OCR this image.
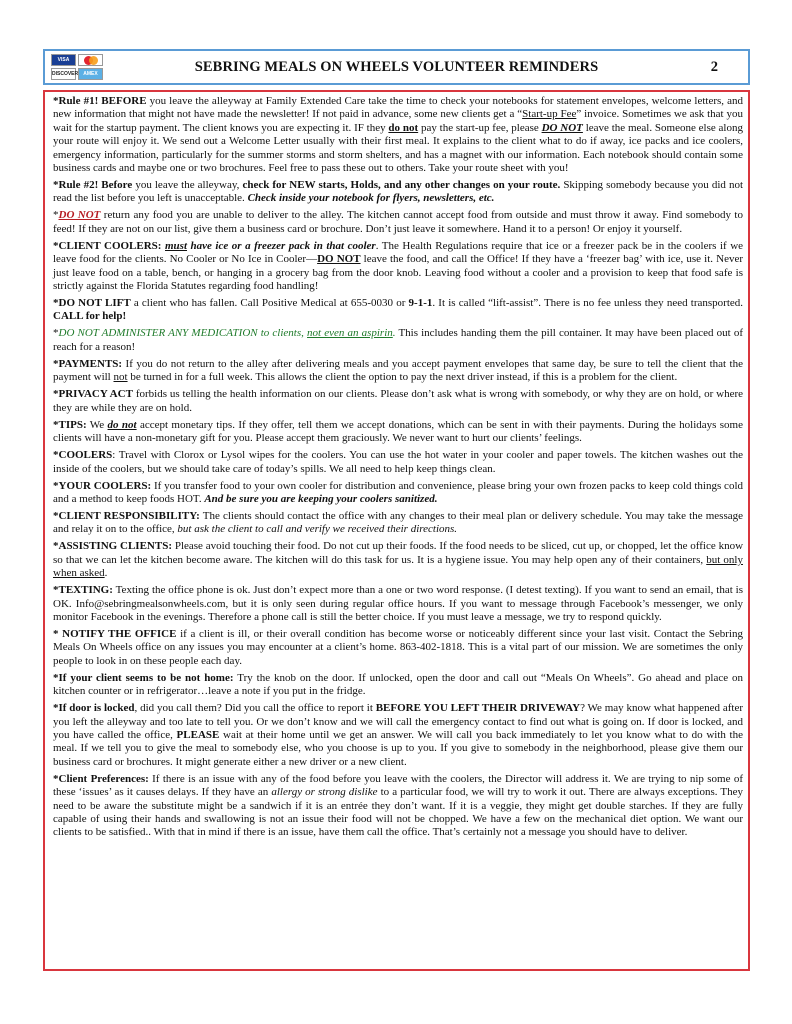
VISA
DISCOVER	AMEX	SEBRING MEALS ON WHEELS VOLUNTEER REMINDERS	2

*Rule #1! BEFORE you leave the alleyway at Family Extended Care take the time to check your notebooks for statement envelopes, welcome letters, and new information that might not have made the newsletter! If not paid in advance, some new clients get a “Start-up Fee” invoice. Sometimes we ask that you wait for the startup payment. The client knows you are expecting it. IF they do not pay the start-up fee, please DO NOT leave the meal. Someone else along your route will enjoy it. We send out a Welcome Letter usually with their first meal. It explains to the client what to do if away, ice packs and ice coolers, emergency information, particularly for the summer storms and storm shelters, and has a magnet with our information. Each notebook should contain some business cards and maybe one or two brochures. Feel free to pass these out to others. Take your route sheet with you!

*Rule #2! Before you leave the alleyway, check for NEW starts, Holds, and any other changes on your route. Skipping somebody because you did not read the list before you left is unacceptable. Check inside your notebook for flyers, newsletters, etc.

*DO NOT return any food you are unable to deliver to the alley. The kitchen cannot accept food from outside and must throw it away. Find somebody to feed! If they are not on our list, give them a business card or brochure. Don’t just leave it somewhere. Hand it to a person! Or enjoy it yourself.

*CLIENT COOLERS: must have ice or a freezer pack in that cooler. The Health Regulations require that ice or a freezer pack be in the coolers if we leave food for the clients. No Cooler or No Ice in Cooler—DO NOT leave the food, and call the Office! If they have a ‘freezer bag’ with ice, use it. Never just leave food on a table, bench, or hanging in a grocery bag from the door knob. Leaving food without a cooler and a provision to keep that food safe is strictly against the Florida Statutes regarding food handling!

*DO NOT LIFT a client who has fallen. Call Positive Medical at 655-0030 or 9-1-1. It is called “lift-assist”. There is no fee unless they need transported. CALL for help!

*DO NOT ADMINISTER ANY MEDICATION to clients, not even an aspirin. This includes handing them the pill container. It may have been placed out of reach for a reason!

*PAYMENTS: If you do not return to the alley after delivering meals and you accept payment envelopes that same day, be sure to tell the client that the payment will not be turned in for a full week. This allows the client the option to pay the next driver instead, if this is a problem for the client.

*PRIVACY ACT forbids us telling the health information on our clients. Please don’t ask what is wrong with somebody, or why they are on hold, or where they are while they are on hold.

*TIPS: We do not accept monetary tips. If they offer, tell them we accept donations, which can be sent in with their payments. During the holidays some clients will have a non-monetary gift for you. Please accept them graciously. We never want to hurt our clients’ feelings.

*COOLERS: Travel with Clorox or Lysol wipes for the coolers. You can use the hot water in your cooler and paper towels. The kitchen washes out the inside of the coolers, but we should take care of today’s spills. We all need to help keep things clean.

*YOUR COOLERS: If you transfer food to your own cooler for distribution and convenience, please bring your own frozen packs to keep cold things cold and a method to keep foods HOT. And be sure you are keeping your coolers sanitized.

*CLIENT RESPONSIBILITY: The clients should contact the office with any changes to their meal plan or delivery schedule. You may take the message and relay it on to the office, but ask the client to call and verify we received their directions.

*ASSISTING CLIENTS: Please avoid touching their food. Do not cut up their foods. If the food needs to be sliced, cut up, or chopped, let the office know so that we can let the kitchen become aware. The kitchen will do this task for us. It is a hygiene issue. You may help open any of their containers, but only when asked.

*TEXTING: Texting the office phone is ok. Just don’t expect more than a one or two word response. (I detest texting). If you want to send an email, that is OK. Info@sebringmealsonwheels.com, but it is only seen during regular office hours. If you want to message through Facebook’s messenger, we only monitor Facebook in the evenings. Therefore a phone call is still the better choice. If you must leave a message, we try to respond quickly.

* NOTIFY THE OFFICE if a client is ill, or their overall condition has become worse or noticeably different since your last visit. Contact the Sebring Meals On Wheels office on any issues you may encounter at a client’s home. 863-402-1818. This is a vital part of our mission. We are sometimes the only people to look in on these people each day.

*If your client seems to be not home: Try the knob on the door. If unlocked, open the door and call out “Meals On Wheels”. Go ahead and place on kitchen counter or in refrigerator…leave a note if you put in the fridge.

*If door is locked, did you call them? Did you call the office to report it BEFORE YOU LEFT THEIR DRIVEWAY? We may know what happened after you left the alleyway and too late to tell you. Or we don’t know and we will call the emergency contact to find out what is going on. If door is locked, and you have called the office, PLEASE wait at their home until we get an answer. We will call you back immediately to let you know what to do with the meal. If we tell you to give the meal to somebody else, who you choose is up to you. If you give to somebody in the neighborhood, please give them our business card or brochures. It might generate either a new driver or a new client.

*Client Preferences: If there is an issue with any of the food before you leave with the coolers, the Director will address it. We are trying to nip some of these ‘issues’ as it causes delays. If they have an allergy or strong dislike to a particular food, we will try to work it out. There are always exceptions. They need to be aware the substitute might be a sandwich if it is an entrée they don’t want. If it is a veggie, they might get double starches. If they are fully capable of using their hands and swallowing is not an issue their food will not be chopped. We have a few on the mechanical diet option. We want our clients to be satisfied.. With that in mind if there is an issue, have them call the office. That’s certainly not a message you should have to deliver.
